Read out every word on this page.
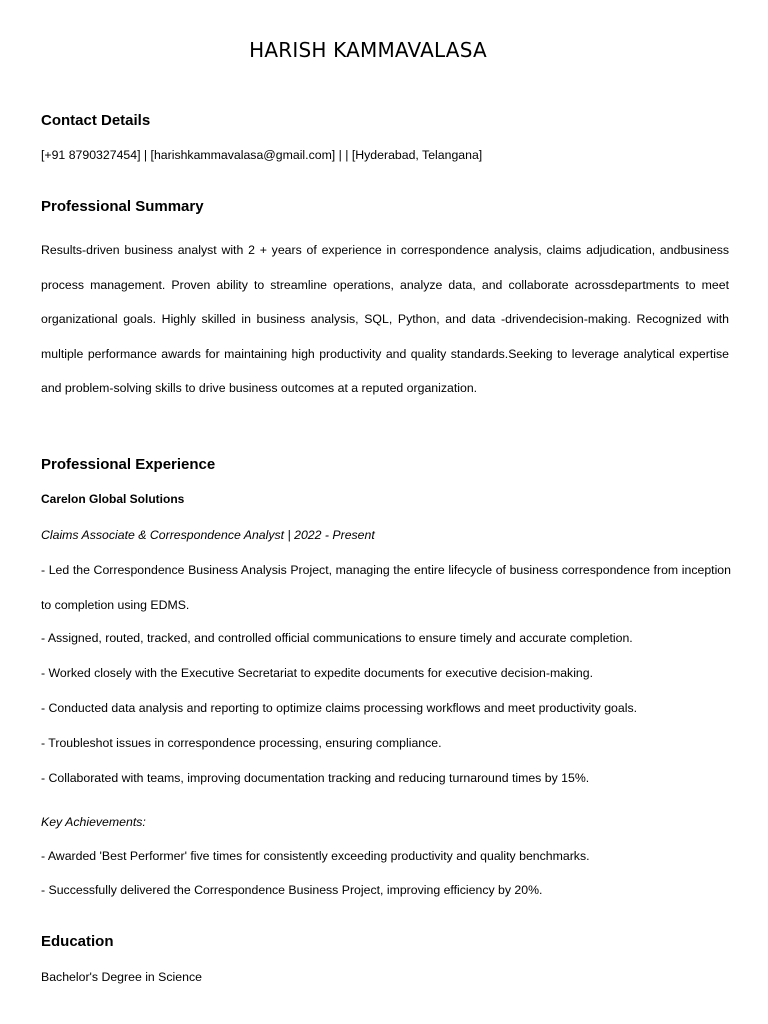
HARISH KAMMAVALASA
Contact Details
[+91 8790327454] | [harishkammavalasa@gmail.com] | | [Hyderabad, Telangana]
Professional Summary
Results-driven business analyst with 2 + years of experience in correspondence analysis, claims adjudication, andbusiness process management. Proven ability to streamline operations, analyze data, and collaborate acrossdepartments to meet organizational goals. Highly skilled in business analysis, SQL, Python, and data -drivendecision-making. Recognized with multiple performance awards for maintaining high productivity and quality standards.Seeking to leverage analytical expertise and problem-solving skills to drive business outcomes at a reputed organization.
Professional Experience
Carelon Global Solutions
Claims Associate & Correspondence Analyst | 2022 - Present
- Led the Correspondence Business Analysis Project, managing the entire lifecycle of business correspondence from inception to completion using EDMS.
- Assigned, routed, tracked, and controlled official communications to ensure timely and accurate completion.
- Worked closely with the Executive Secretariat to expedite documents for executive decision-making.
- Conducted data analysis and reporting to optimize claims processing workflows and meet productivity goals.
- Troubleshot issues in correspondence processing, ensuring compliance.
- Collaborated with teams, improving documentation tracking and reducing turnaround times by 15%.
Key Achievements:
- Awarded 'Best Performer' five times for consistently exceeding productivity and quality benchmarks.
- Successfully delivered the Correspondence Business Project, improving efficiency by 20%.
Education
Bachelor's Degree in Science
